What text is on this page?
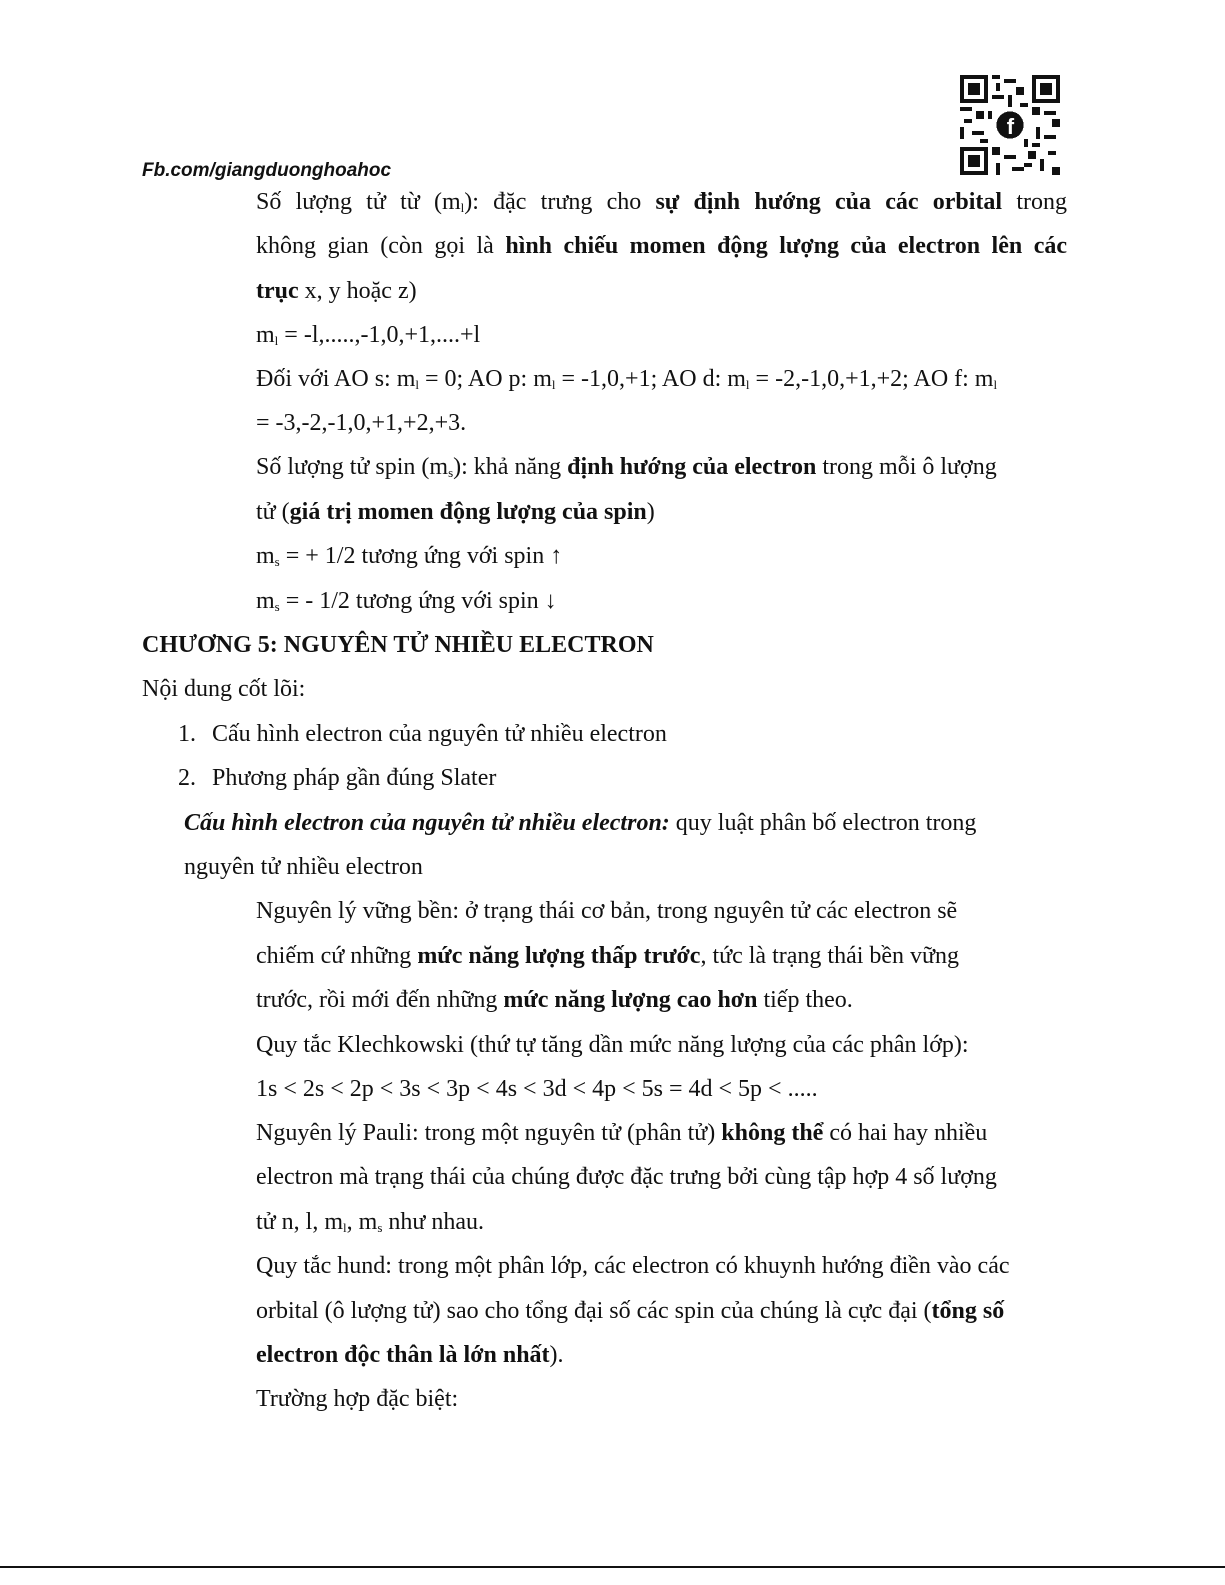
Fb.com/giangduonghoahoc
f
Số lượng tử từ $(m_l)$: đặc trưng cho sự định hướng của các orbital trong
không gian (còn gọi là hình chiếu momen động lượng của electron lên các
trục x, y hoặc z)
$m_l = -l,.....,-1,0,+1,....+l$
Đối với AO s: $m_l = 0$; AO p: $m_l = -1,0,+1$; AO d: $m_l = -2,-1,0,+1,+2$; AO f: $m_l$
= -3,-2,-1,0,+1,+2,+3.
Số lượng tử spin $(m_s)$: khả năng định hướng của electron trong mỗi ô lượng
tử (giá trị momen động lượng của spin)
$m_s$ = + 1/2 tương ứng với spin ↑
$m_s$ = - 1/2 tương ứng với spin ↓
CHƯƠNG 5: NGUYÊN TỬ NHIỀU ELECTRON
Nội dung cốt lõi:
1. Cấu hình electron của nguyên tử nhiều electron
2. Phương pháp gần đúng Slater
Cấu hình electron của nguyên tử nhiều electron: quy luật phân bố electron trong
nguyên tử nhiều electron
Nguyên lý vững bền: ở trạng thái cơ bản, trong nguyên tử các electron sẽ
chiếm cứ những mức năng lượng thấp trước, tức là trạng thái bền vững
trước, rồi mới đến những mức năng lượng cao hơn tiếp theo.
Quy tắc Klechkowski (thứ tự tăng dần mức năng lượng của các phân lớp):
1s < 2s < 2p < 3s < 3p < 4s < 3d < 4p < 5s = 4d < 5p < .....
Nguyên lý Pauli: trong một nguyên tử (phân tử) không thể có hai hay nhiều
electron mà trạng thái của chúng được đặc trưng bởi cùng tập hợp 4 số lượng
tử n, l, $m_l$, $m_s$ như nhau.
Quy tắc hund: trong một phân lớp, các electron có khuynh hướng điền vào các
orbital (ô lượng tử) sao cho tổng đại số các spin của chúng là cực đại (tổng số
electron độc thân là lớn nhất).
Trường hợp đặc biệt:
